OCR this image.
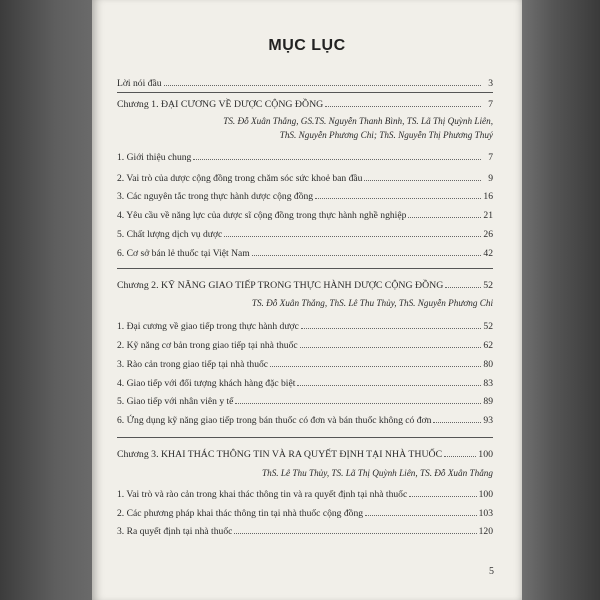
MỤC LỤC
Lời nói đầu	3
Chương 1. ĐẠI CƯƠNG VỀ DƯỢC CỘNG ĐỒNG	7
TS. Đỗ Xuân Thắng, GS.TS. Nguyễn Thanh Bình, TS. Lã Thị Quỳnh Liên,
ThS. Nguyễn Phương Chi; ThS. Nguyễn Thị Phương Thuý
1. Giới thiệu chung	7
2. Vai trò của dược cộng đồng trong chăm sóc sức khoẻ ban đầu	9
3. Các nguyên tắc trong thực hành dược cộng đồng	16
4. Yêu cầu về năng lực của dược sĩ cộng đồng trong thực hành nghề nghiệp	21
5. Chất lượng dịch vụ dược	26
6. Cơ sở bán lẻ thuốc tại Việt Nam	42
Chương 2. KỸ NĂNG GIAO TIẾP TRONG THỰC HÀNH DƯỢC CỘNG ĐỒNG	52
TS. Đỗ Xuân Thắng, ThS. Lê Thu Thủy, ThS. Nguyễn Phương Chi
1. Đại cương về giao tiếp trong thực hành dược	52
2. Kỹ năng cơ bản trong giao tiếp tại nhà thuốc	62
3. Rào cản trong giao tiếp tại nhà thuốc	80
4. Giao tiếp với đối tượng khách hàng đặc biệt	83
5. Giao tiếp với nhân viên y tế	89
6. Ứng dụng kỹ năng giao tiếp trong bán thuốc có đơn và bán thuốc không có đơn	93
Chương 3. KHAI THÁC THÔNG TIN VÀ RA QUYẾT ĐỊNH TẠI NHÀ THUỐC	100
ThS. Lê Thu Thủy, TS. Lã Thị Quỳnh Liên, TS. Đỗ Xuân Thắng
1. Vai trò và rào cản trong khai thác thông tin và ra quyết định tại nhà thuốc	100
2. Các phương pháp khai thác thông tin tại nhà thuốc cộng đồng	103
3. Ra quyết định tại nhà thuốc	120
5
